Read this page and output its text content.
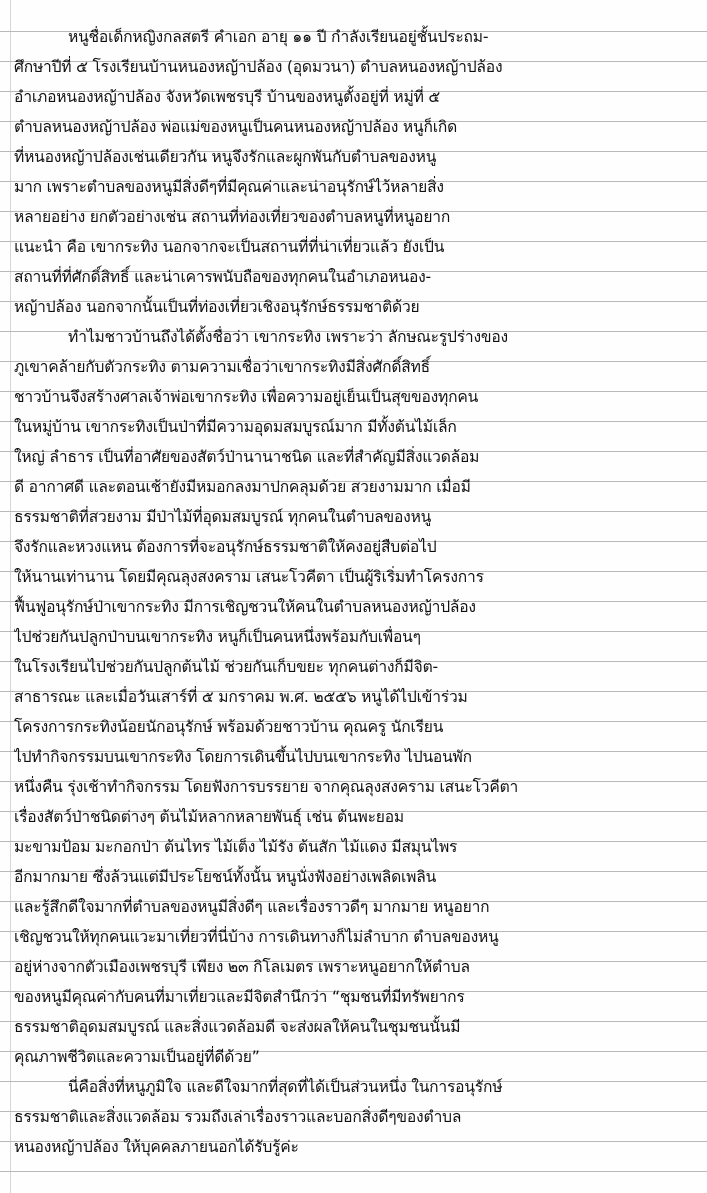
หนูชื่อเด็กหญิงกลสตรี คำเอก อายุ ๑๑ ปี กำลังเรียนอยู่ชั้นประถม-
ศึกษาปีที่ ๕ โรงเรียนบ้านหนองหญ้าปล้อง (อุดมวนา) ตำบลหนองหญ้าปล้อง
อำเภอหนองหญ้าปล้อง จังหวัดเพชรบุรี บ้านของหนูตั้งอยู่ที่ หมู่ที่ ๕
ตำบลหนองหญ้าปล้อง พ่อแม่ของหนูเป็นคนหนองหญ้าปล้อง หนูก็เกิด
ที่หนองหญ้าปล้องเช่นเดียวกัน หนูจึงรักและผูกพันกับตำบลของหนู
มาก เพราะตำบลของหนูมีสิ่งดีๆที่มีคุณค่าและน่าอนุรักษ์ไว้หลายสิ่ง
หลายอย่าง ยกตัวอย่างเช่น สถานที่ท่องเที่ยวของตำบลหนูที่หนูอยาก
แนะนำ คือ เขากระทิง นอกจากจะเป็นสถานที่ที่น่าเที่ยวแล้ว ยังเป็น
สถานที่ที่ศักดิ์สิทธิ์ และน่าเคารพนับถือของทุกคนในอำเภอหนอง-
หญ้าปล้อง นอกจากนั้นเป็นที่ท่องเที่ยวเชิงอนุรักษ์ธรรมชาติด้วย
ทำไมชาวบ้านถึงได้ตั้งชื่อว่า เขากระทิง เพราะว่า ลักษณะรูปร่างของ
ภูเขาคล้ายกับตัวกระทิง ตามความเชื่อว่าเขากระทิงมีสิ่งศักดิ์สิทธิ์
ชาวบ้านจึงสร้างศาลเจ้าพ่อเขากระทิง เพื่อความอยู่เย็นเป็นสุขของทุกคน
ในหมู่บ้าน เขากระทิงเป็นป่าที่มีความอุดมสมบูรณ์มาก มีทั้งต้นไม้เล็ก
ใหญ่ ลำธาร เป็นที่อาศัยของสัตว์ป่านานาชนิด และที่สำคัญมีสิ่งแวดล้อม
ดี อากาศดี และตอนเช้ายังมีหมอกลงมาปกคลุมด้วย สวยงามมาก เมื่อมี
ธรรมชาติที่สวยงาม มีป่าไม้ที่อุดมสมบูรณ์ ทุกคนในตำบลของหนู
จึงรักและหวงแหน ต้องการที่จะอนุรักษ์ธรรมชาติให้คงอยู่สืบต่อไป
ให้นานเท่านาน โดยมีคุณลุงสงคราม เสนะโวคีตา เป็นผู้ริเริ่มทำโครงการ
ฟื้นฟูอนุรักษ์ป่าเขากระทิง มีการเชิญชวนให้คนในตำบลหนองหญ้าปล้อง
ไปช่วยกันปลูกป่าบนเขากระทิง หนูก็เป็นคนหนึ่งพร้อมกับเพื่อนๆ
ในโรงเรียนไปช่วยกันปลูกต้นไม้ ช่วยกันเก็บขยะ ทุกคนต่างก็มีจิต-
สาธารณะ และเมื่อวันเสาร์ที่ ๕ มกราคม พ.ศ. ๒๕๕๖ หนูได้ไปเข้าร่วม
โครงการกระทิงน้อยนักอนุรักษ์ พร้อมด้วยชาวบ้าน คุณครู นักเรียน
ไปทำกิจกรรมบนเขากระทิง โดยการเดินขึ้นไปบนเขากระทิง ไปนอนพัก
หนึ่งคืน รุ่งเช้าทำกิจกรรม โดยฟังการบรรยาย จากคุณลุงสงคราม เสนะโวคีตา
เรื่องสัตว์ป่าชนิดต่างๆ ต้นไม้หลากหลายพันธุ์ เช่น ต้นพะยอม
มะขามป้อม มะกอกป่า ต้นไทร ไม้เต็ง ไม้รัง ต้นสัก ไม้แดง มีสมุนไพร
อีกมากมาย ซึ่งล้วนแต่มีประโยชน์ทั้งนั้น หนูนั่งฟังอย่างเพลิดเพลิน
และรู้สึกดีใจมากที่ตำบลของหนูมีสิ่งดีๆ และเรื่องราวดีๆ มากมาย หนูอยาก
เชิญชวนให้ทุกคนแวะมาเที่ยวที่นี่บ้าง การเดินทางก็ไม่ลำบาก ตำบลของหนู
อยู่ห่างจากตัวเมืองเพชรบุรี เพียง ๒๓ กิโลเมตร เพราะหนูอยากให้ตำบล
ของหนูมีคุณค่ากับคนที่มาเที่ยวและมีจิตสำนึกว่า “ชุมชนที่มีทรัพยากร
ธรรมชาติอุดมสมบูรณ์ และสิ่งแวดล้อมดี จะส่งผลให้คนในชุมชนนั้นมี
คุณภาพชีวิตและความเป็นอยู่ที่ดีด้วย”
นี่คือสิ่งที่หนูภูมิใจ และดีใจมากที่สุดที่ได้เป็นส่วนหนึ่ง ในการอนุรักษ์
ธรรมชาติและสิ่งแวดล้อม รวมถึงเล่าเรื่องราวและบอกสิ่งดีๆของตำบล
หนองหญ้าปล้อง ให้บุคคลภายนอกได้รับรู้ค่ะ
